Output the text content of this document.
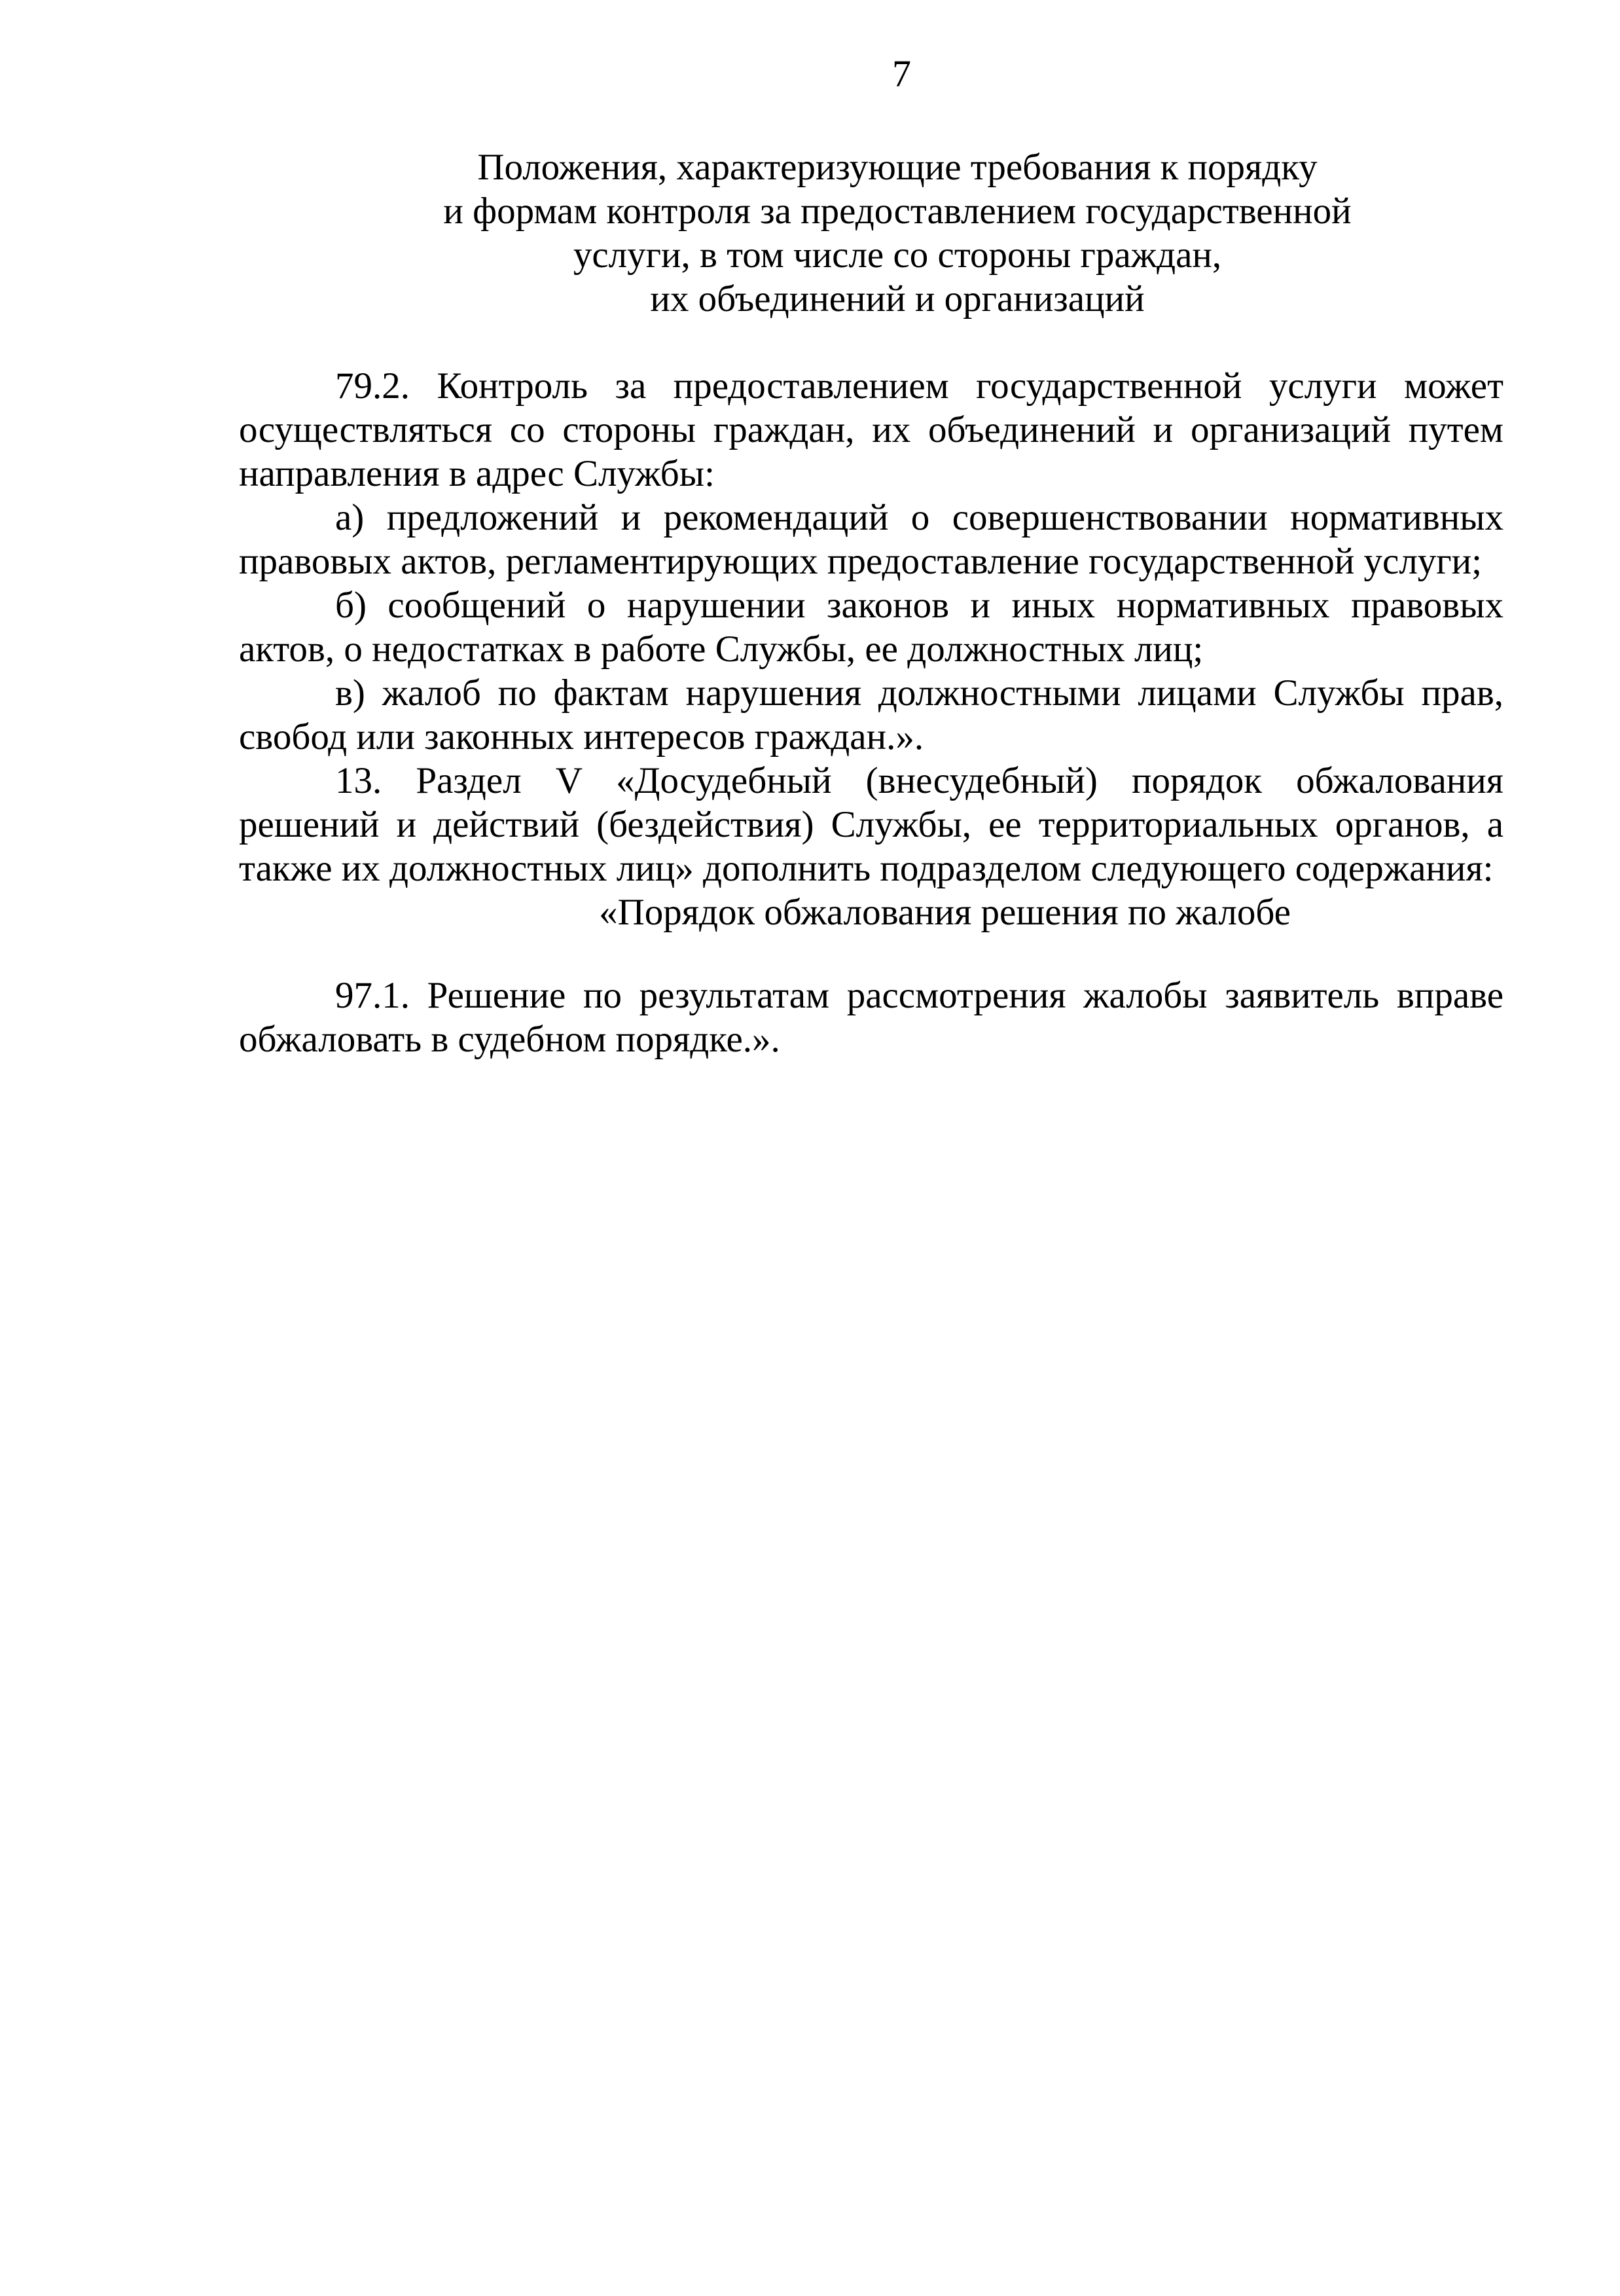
7
Положения, характеризующие требования к порядку
и формам контроля за предоставлением государственной
услуги, в том числе со стороны граждан,
их объединений и организаций

79.2. Контроль за предоставлением государственной услуги может осуществляться со стороны граждан, их объединений и организаций путем направления в адрес Службы:

а) предложений и рекомендаций о совершенствовании нормативных правовых актов, регламентирующих предоставление государственной услуги;

б) сообщений о нарушении законов и иных нормативных правовых актов, о недостатках в работе Службы, ее должностных лиц;

в) жалоб по фактам нарушения должностными лицами Службы прав, свобод или законных интересов граждан.».

13. Раздел V «Досудебный (внесудебный) порядок обжалования решений и действий (бездействия) Службы, ее территориальных органов, а также их должностных лиц» дополнить подразделом следующего содержания:

«Порядок обжалования решения по жалобе

97.1. Решение по результатам рассмотрения жалобы заявитель вправе обжаловать в судебном порядке.».
